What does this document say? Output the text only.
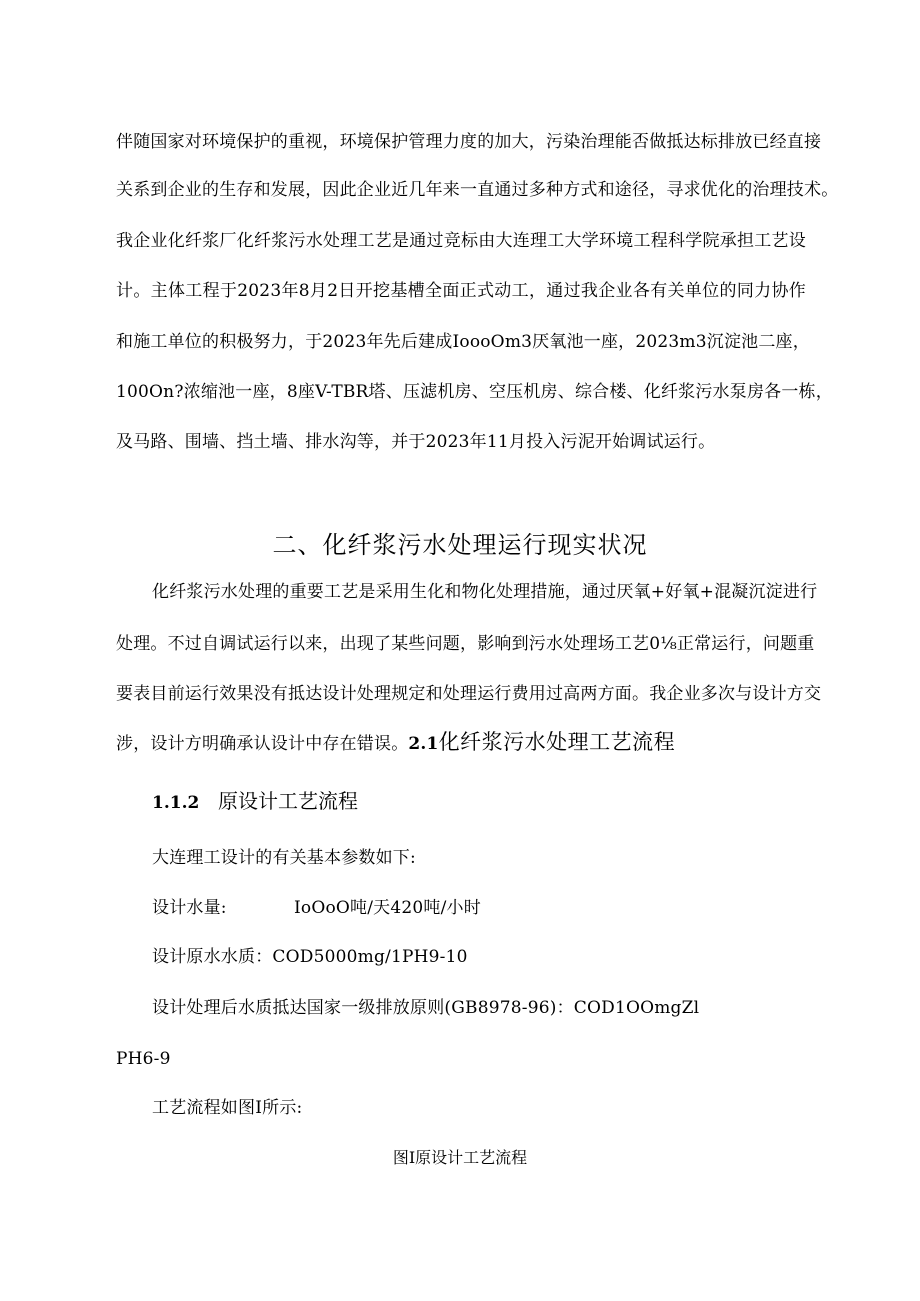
伴随国家对环境保护的重视，环境保护管理力度的加大，污染治理能否做抵达标排放已经直接
关系到企业的生存和发展，因此企业近几年来一直通过多种方式和途径，寻求优化的治理技术。
我企业化纤浆厂化纤浆污水处理工艺是通过竞标由大连理工大学环境工程科学院承担工艺设
计。主体工程于2023年8月2日开挖基槽全面正式动工，通过我企业各有关单位的同力协作
和施工单位的积极努力，于2023年先后建成IoooOm3厌氧池一座，2023m3沉淀池二座，
100On?浓缩池一座，8座V-TBR塔、压滤机房、空压机房、综合楼、化纤浆污水泵房各一栋，
及马路、围墙、挡土墙、排水沟等，并于2023年11月投入污泥开始调试运行。
二、化纤浆污水处理运行现实状况
化纤浆污水处理的重要工艺是采用生化和物化处理措施，通过厌氧+好氧+混凝沉淀进行
处理。不过自调试运行以来，出现了某些问题，影响到污水处理场工艺0⅛正常运行，问题重
要表目前运行效果没有抵达设计处理规定和处理运行费用过高两方面。我企业多次与设计方交
涉，设计方明确承认设计中存在错误。2.1化纤浆污水处理工艺流程
1.1.2 原设计工艺流程
大连理工设计的有关基本参数如下:
设计水量:	IoOoO吨/天420吨/小时
设计原水水质：COD5000mg/1PH9-10
设计处理后水质抵达国家一级排放原则(GB8978-96)：COD1OOmgZl
PH6-9
工艺流程如图I所示:
图I原设计工艺流程
